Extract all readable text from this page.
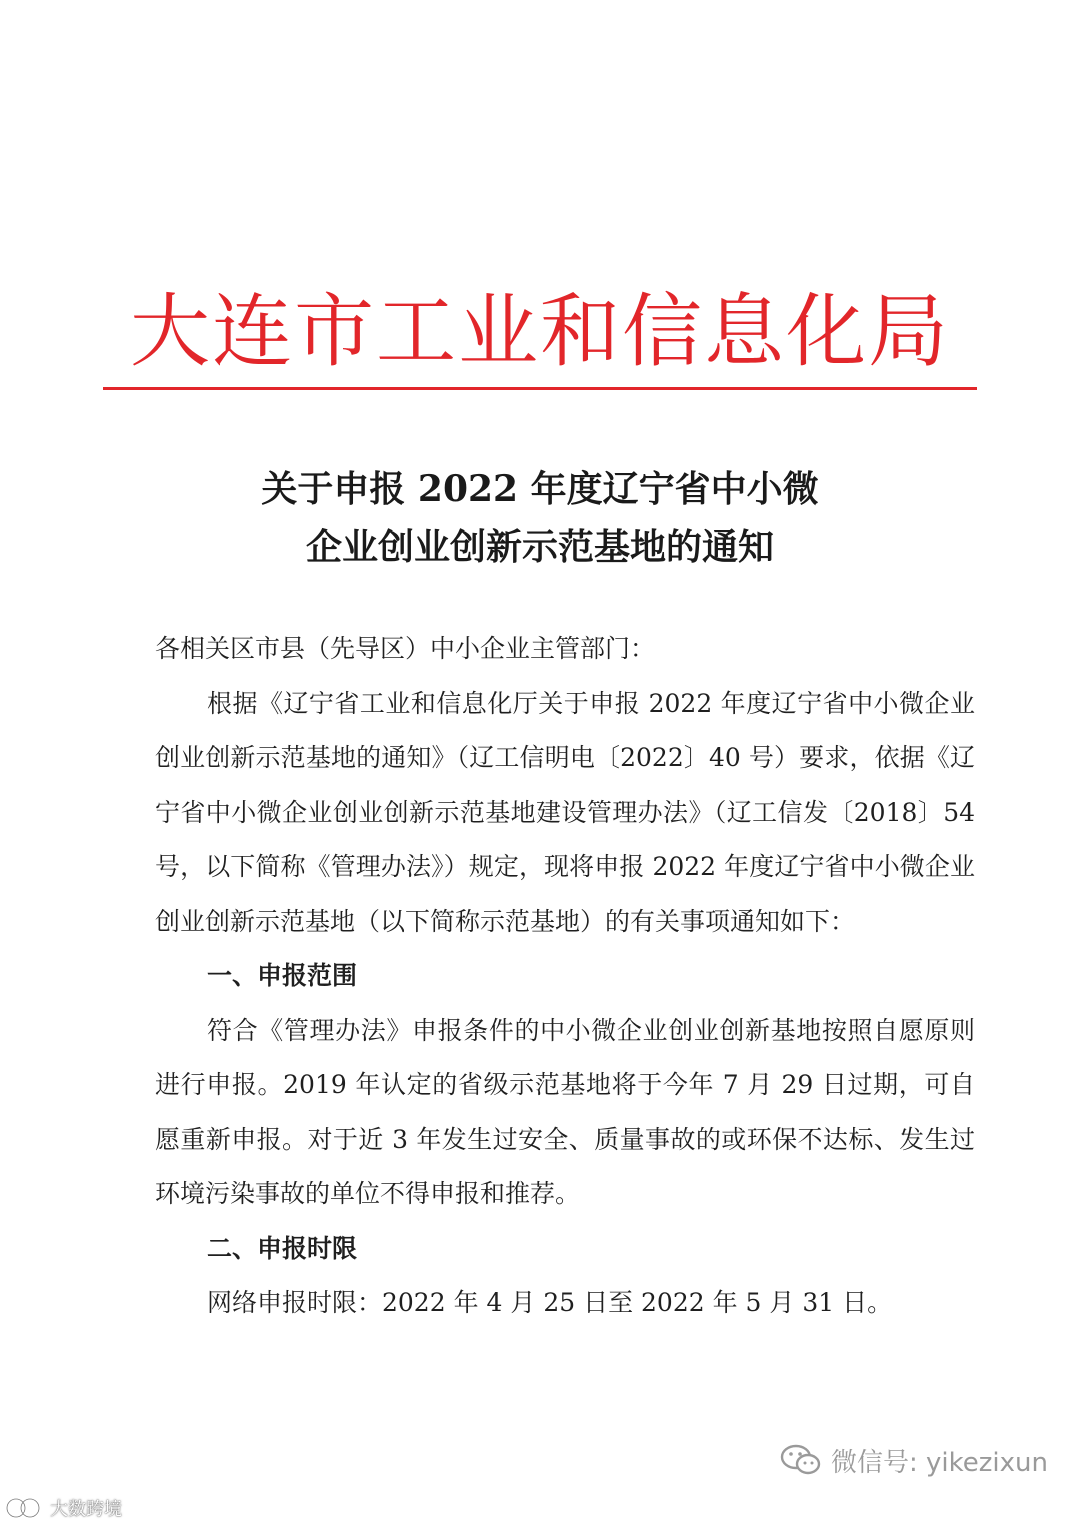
大连市工业和信息化局
关于申报 2022 年度辽宁省中小微
企业创业创新示范基地的通知

各相关区市县（先导区）中小企业主管部门：

根据《辽宁省工业和信息化厅关于申报 2022 年度辽宁省中小微企业创业创新示范基地的通知》（辽工信明电〔2022〕40 号）要求，依据《辽宁省中小微企业创业创新示范基地建设管理办法》（辽工信发〔2018〕54 号，以下简称《管理办法》）规定，现将申报 2022 年度辽宁省中小微企业创业创新示范基地（以下简称示范基地）的有关事项通知如下：

一、申报范围

符合《管理办法》申报条件的中小微企业创业创新基地按照自愿原则进行申报。2019 年认定的省级示范基地将于今年 7 月 29 日过期，可自愿重新申报。对于近 3 年发生过安全、质量事故的或环保不达标、发生过环境污染事故的单位不得申报和推荐。

二、申报时限

网络申报时限：2022 年 4 月 25 日至 2022 年 5 月 31 日。

微信号: yikezixun
大数跨境
